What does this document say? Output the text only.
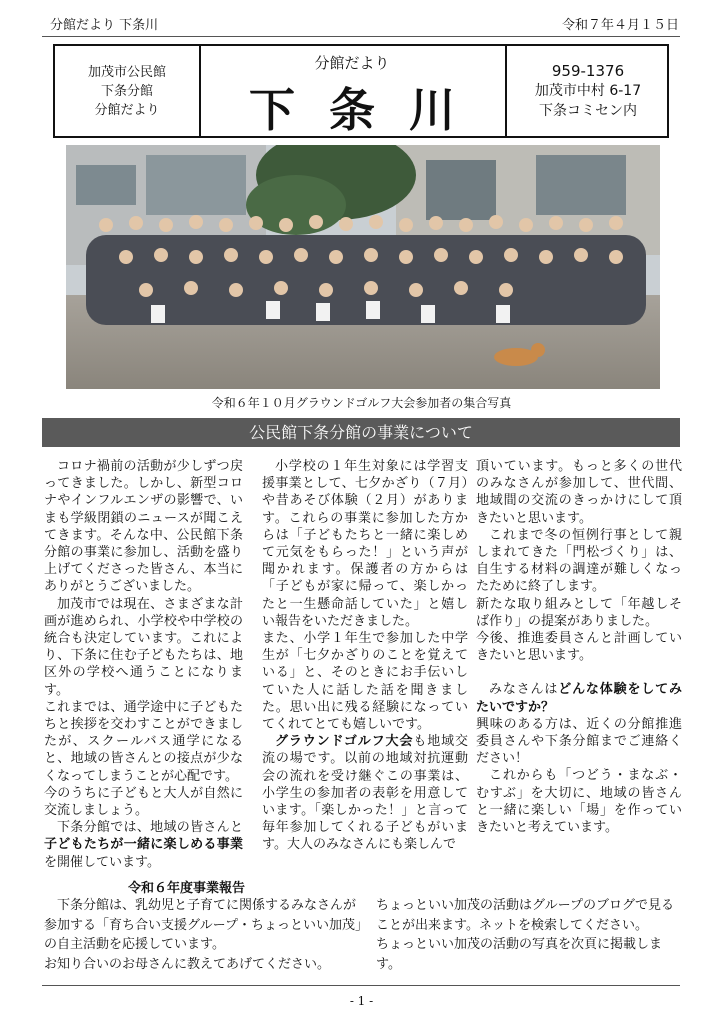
分館だより 下条川	令和７年４月１５日
加茂市公民館
下条分館
分館だより
分館だより
下条川
959-1376
加茂市中村 6-17
下条コミセン内
令和６年１０月グラウンドゴルフ大会参加者の集合写真
公民館下条分館の事業について

コロナ禍前の活動が少しずつ戻ってきました。しかし、新型コロナやインフルエンザの影響で、いまも学級閉鎖のニュースが聞こえてきます。そんな中、公民館下条分館の事業に参加し、活動を盛り上げてくださった皆さん、本当にありがとうございました。

加茂市では現在、さまざまな計画が進められ、小学校や中学校の統合も決定しています。これにより、下条に住む子どもたちは、地区外の学校へ通うことになります。

これまでは、通学途中に子どもたちと挨拶を交わすことができましたが、スクールバス通学になると、地域の皆さんとの接点が少なくなってしまうことが心配です。

今のうちに子どもと大人が自然に交流しましょう。

下条分館では、地域の皆さんと子どもたちが一緒に楽しめる事業を開催しています。

小学校の１年生対象には学習支援事業として、七夕かざり（７月）や昔あそび体験（２月）があります。これらの事業に参加した方からは「子どもたちと一緒に楽しめて元気をもらった！」という声が聞かれます。保護者の方からは「子どもが家に帰って、楽しかったと一生懸命話していた」と嬉しい報告をいただきました。

また、小学１年生で参加した中学生が「七夕かざりのことを覚えている」と、そのときにお手伝いしていた人に話した話を聞きました。思い出に残る経験になっていてくれてとても嬉しいです。

グラウンドゴルフ大会も地域交流の場です。以前の地域対抗運動会の流れを受け継ぐこの事業は、小学生の参加者の表彰を用意しています。「楽しかった！」と言って毎年参加してくれる子どもがいます。大人のみなさんにも楽しんで

頂いています。もっと多くの世代のみなさんが参加して、世代間、地域間の交流のきっかけにして頂きたいと思います。

これまで冬の恒例行事として親しまれてきた「門松づくり」は、自生する材料の調達が難しくなったために終了します。

新たな取り組みとして「年越しそば作り」の提案がありました。

今後、推進委員さんと計画していきたいと思います。

みなさんはどんな体験をしてみたいですか？

興味のある方は、近くの分館推進委員さんや下条分館までご連絡ください！

これからも「つどう・まなぶ・むすぶ」を大切に、地域の皆さんと一緒に楽しい「場」を作っていきたいと考えています。

令和６年度事業報告

下条分館は、乳幼児と子育てに関係するみなさんが参加する「育ち合い支援グループ・ちょっといい加茂」の自主活動を応援しています。

お知り合いのお母さんに教えてあげてください。

ちょっといい加茂の活動はグループのブログで見ることが出来ます。ネットを検索してください。

ちょっといい加茂の活動の写真を次頁に掲載します。

- 1 -
